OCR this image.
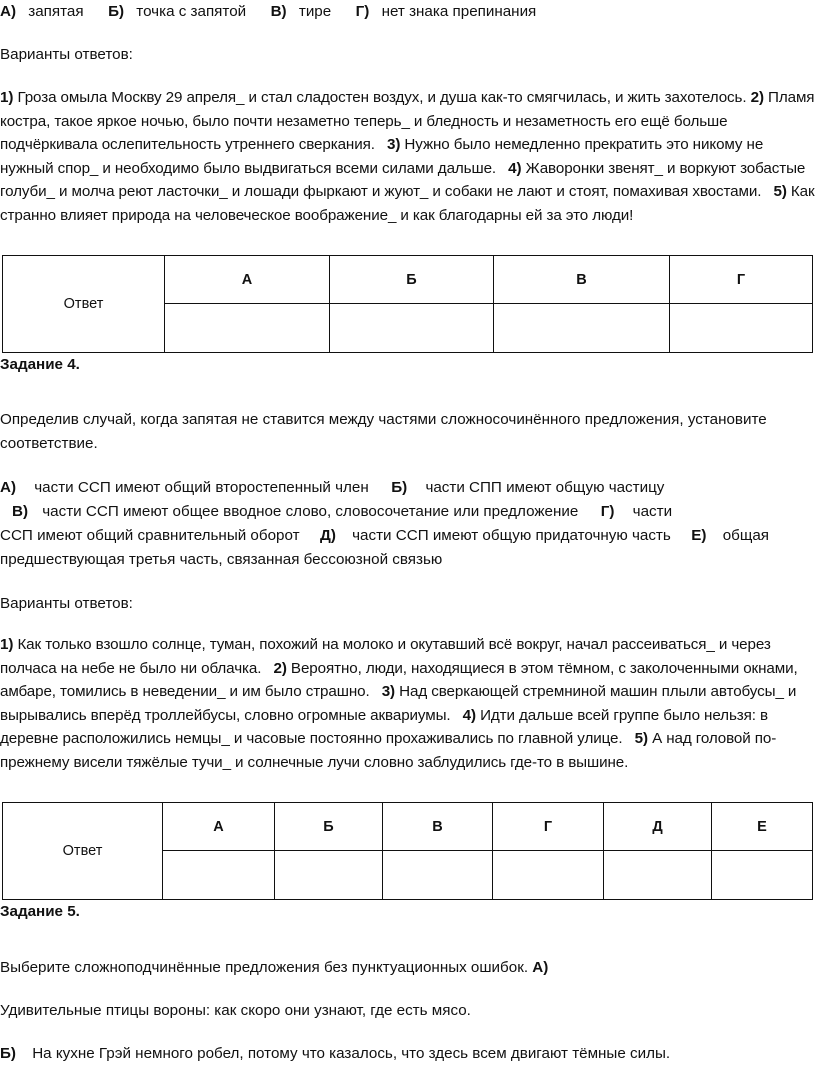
А) запятая Б) точка с запятой В) тире Г) нет знака препинания
Варианты ответов:
1) Гроза омыла Москву 29 апреля_ и стал сладостен воздух, и душа как-то смягчилась, и жить захотелось. 2) Пламя костра, такое яркое ночью, было почти незаметно теперь_ и бледность и незаметность его ещё больше подчёркивала ослепительность утреннего сверкания. 3) Нужно было немедленно прекратить это никому не нужный спор_ и необходимо было выдвигаться всеми силами дальше. 4) Жаворонки звенят_ и воркуют зобастые голуби_ и молча реют ласточки_ и лошади фыркают и жуют_ и собаки не лают и стоят, помахивая хвостами. 5) Как странно влияет природа на человеческое воображение_ и как благодарны ей за это люди!
Ответ	А	Б	В	Г

Задание 4.
Определив случай, когда запятая не ставится между частями сложносочинённого предложения, установите соответствие.
А) части ССП имеют общий второстепенный член Б) части СПП имеют общую частицу
В) части ССП имеют общее вводное слово, словосочетание или предложение Г) части
ССП имеют общий сравнительный оборот Д) части ССП имеют общую придаточную часть Е) общая
предшествующая третья часть, связанная бессоюзной связью
Варианты ответов:
1) Как только взошло солнце, туман, похожий на молоко и окутавший всё вокруг, начал рассеиваться_ и через полчаса на небе не было ни облачка. 2) Вероятно, люди, находящиеся в этом тёмном, с заколоченными окнами, амбаре, томились в неведении_ и им было страшно. 3) Над сверкающей стремниной машин плыли автобусы_ и вырывались вперёд троллейбусы, словно огромные аквариумы. 4) Идти дальше всей группе было нельзя: в деревне расположились немцы_ и часовые постоянно прохаживались по главной улице. 5) А над головой по-прежнему висели тяжёлые тучи_ и солнечные лучи словно заблудились где-то в вышине.
Ответ	А	Б	В	Г	Д	Е

Задание 5.
Выберите сложноподчинённые предложения без пунктуационных ошибок. А)
Удивительные птицы вороны: как скоро они узнают, где есть мясо.
Б) На кухне Грэй немного робел, потому что казалось, что здесь всем двигают тёмные силы.
